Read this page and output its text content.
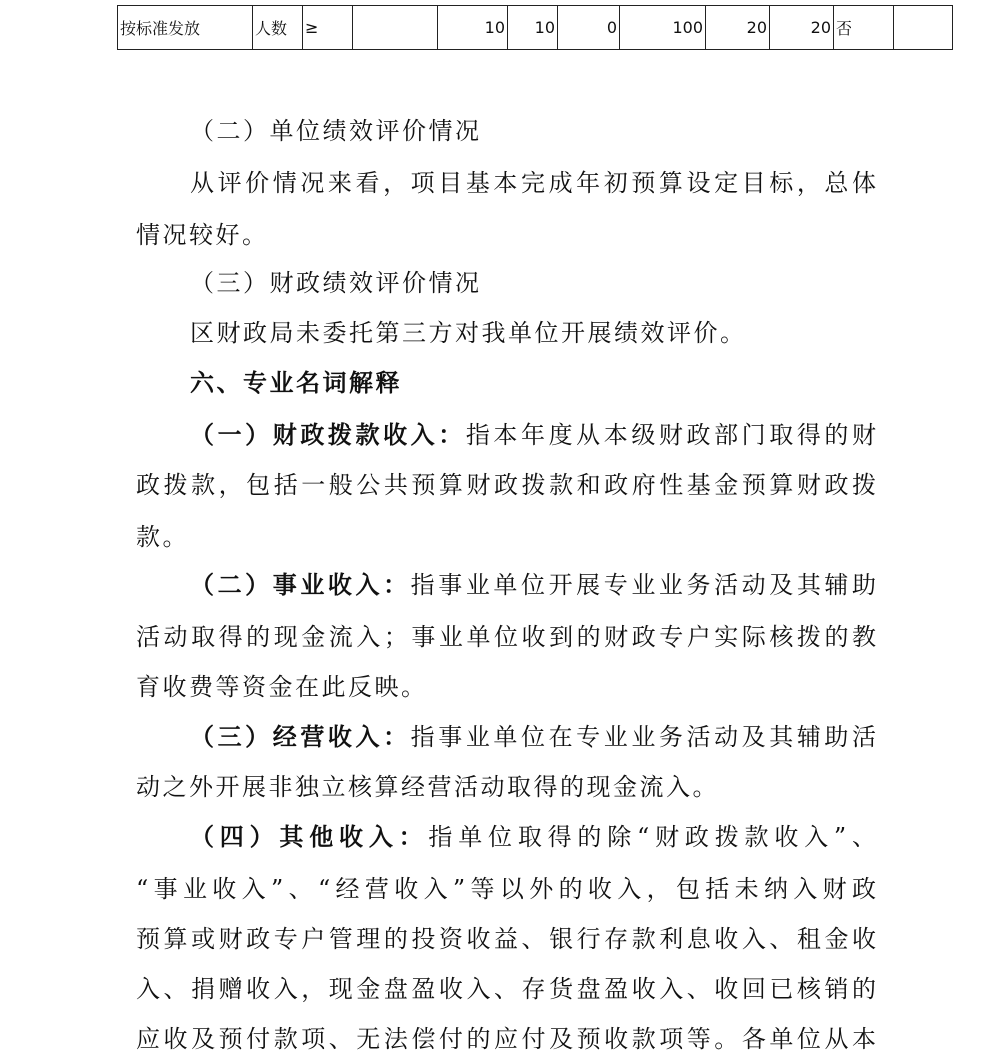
按标准发放	人数	≥		10	10	0	100	20	20	否	

（二）单位绩效评价情况

从评价情况来看，项目基本完成年初预算设定目标，总体

情况较好。

（三）财政绩效评价情况

区财政局未委托第三方对我单位开展绩效评价。

六、专业名词解释

（一）财政拨款收入：指本年度从本级财政部门取得的财

政拨款，包括一般公共预算财政拨款和政府性基金预算财政拨

款。

（二）事业收入：指事业单位开展专业业务活动及其辅助

活动取得的现金流入；事业单位收到的财政专户实际核拨的教

育收费等资金在此反映。

（三）经营收入：指事业单位在专业业务活动及其辅助活

动之外开展非独立核算经营活动取得的现金流入。

（四）其他收入：指单位取得的除“财政拨款收入”、

“事业收入”、“经营收入”等以外的收入，包括未纳入财政

预算或财政专户管理的投资收益、银行存款利息收入、租金收

入、捐赠收入，现金盘盈收入、存货盘盈收入、收回已核销的

应收及预付款项、无法偿付的应付及预收款项等。各单位从本
